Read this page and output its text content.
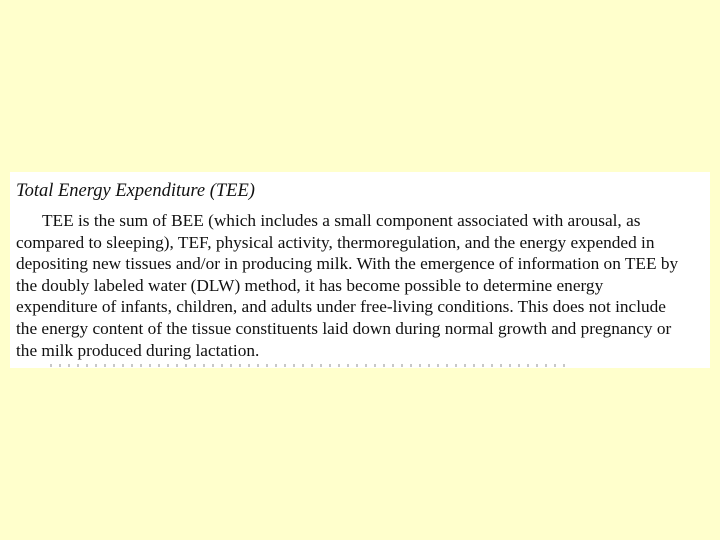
Total Energy Expenditure (TEE)

TEE is the sum of BEE (which includes a small component associated with arousal, as
compared to sleeping), TEF, physical activity, thermoregulation, and the energy expended in
depositing new tissues and/or in producing milk. With the emergence of information on TEE by
the doubly labeled water (DLW) method, it has become possible to determine energy
expenditure of infants, children, and adults under free-living conditions. This does not include
the energy content of the tissue constituents laid down during normal growth and pregnancy or
the milk produced during lactation.
